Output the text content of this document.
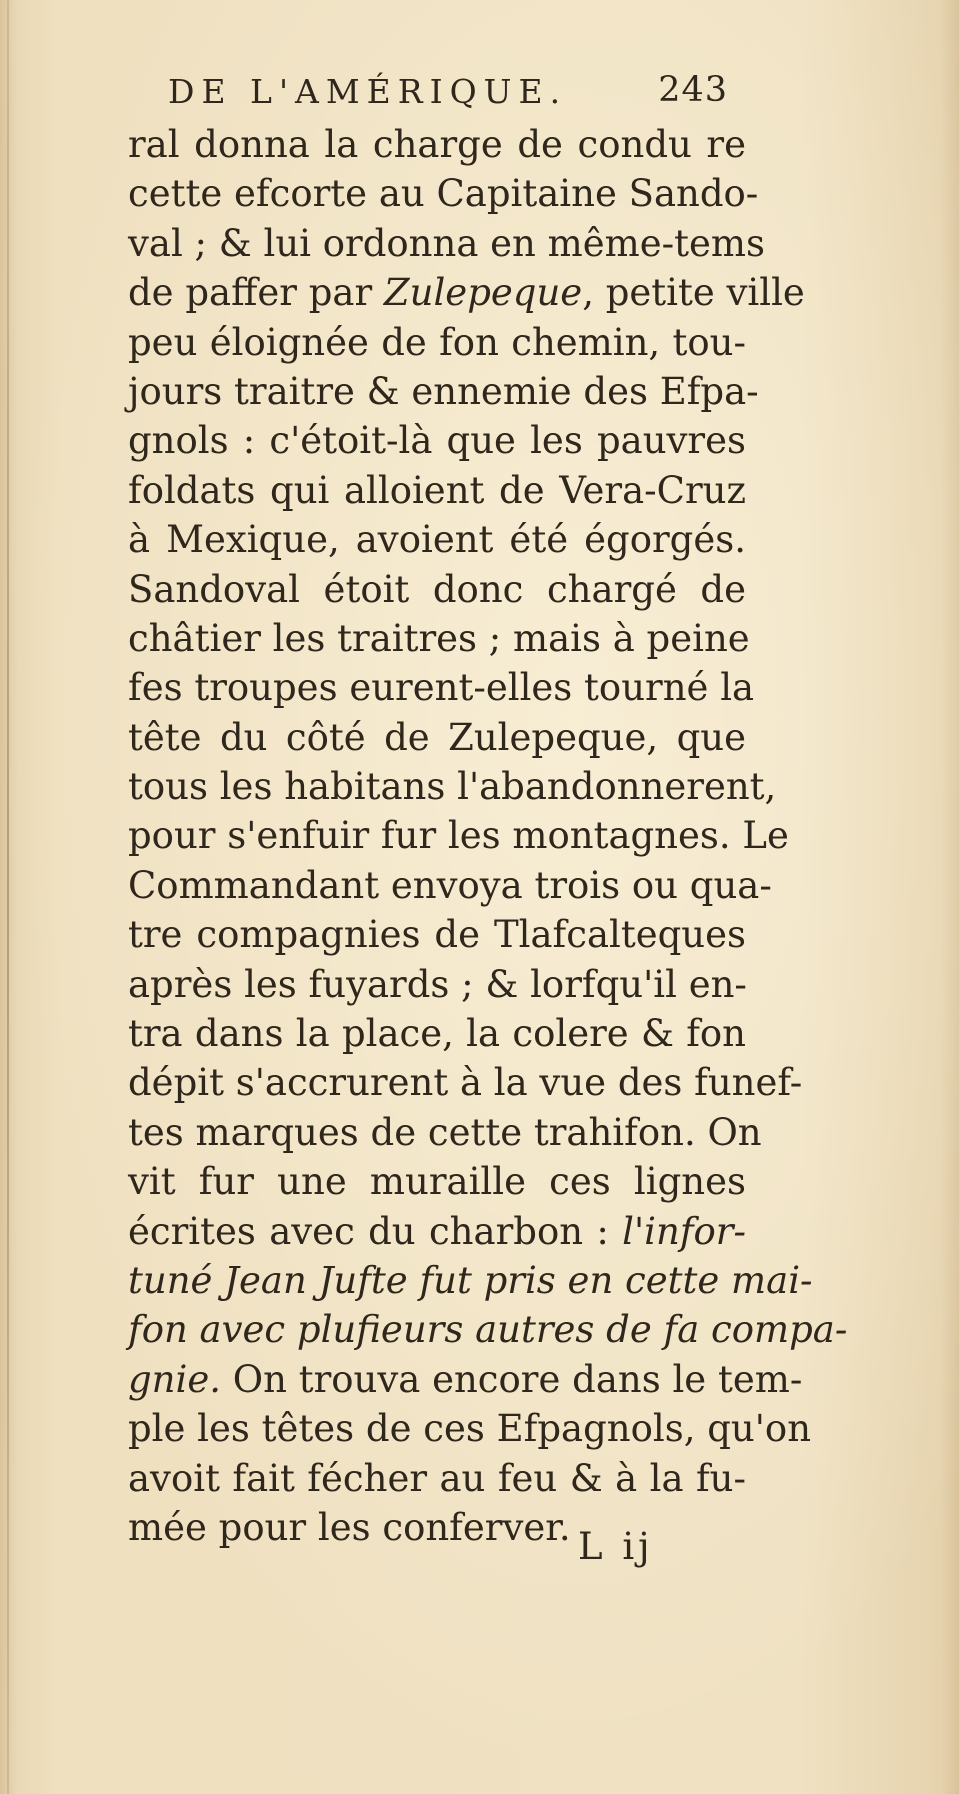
DE L'AMÉRIQUE.	243
ral donna la charge de condu re
cette efcorte au Capitaine Sando-
val ; & lui ordonna en même-tems
de paffer par Zulepeque, petite ville
peu éloignée de fon chemin, tou-
jours traitre & ennemie des Efpa-
gnols : c'étoit-là que les pauvres
foldats qui alloient de Vera-Cruz
à Mexique, avoient été égorgés.
Sandoval étoit donc chargé de
châtier les traitres ; mais à peine
fes troupes eurent-elles tourné la
tête du côté de Zulepeque, que
tous les habitans l'abandonnerent,
pour s'enfuir fur les montagnes. Le
Commandant envoya trois ou qua-
tre compagnies de Tlafcalteques
après les fuyards ; & lorfqu'il en-
tra dans la place, la colere & fon
dépit s'accrurent à la vue des funef-
tes marques de cette trahifon. On
vit fur une muraille ces lignes
écrites avec du charbon : l'infor-
tuné Jean Jufte fut pris en cette mai-
fon avec plufieurs autres de fa compa-
gnie. On trouva encore dans le tem-
ple les têtes de ces Efpagnols, qu'on
avoit fait fécher au feu & à la fu-
mée pour les conferver. L ij
